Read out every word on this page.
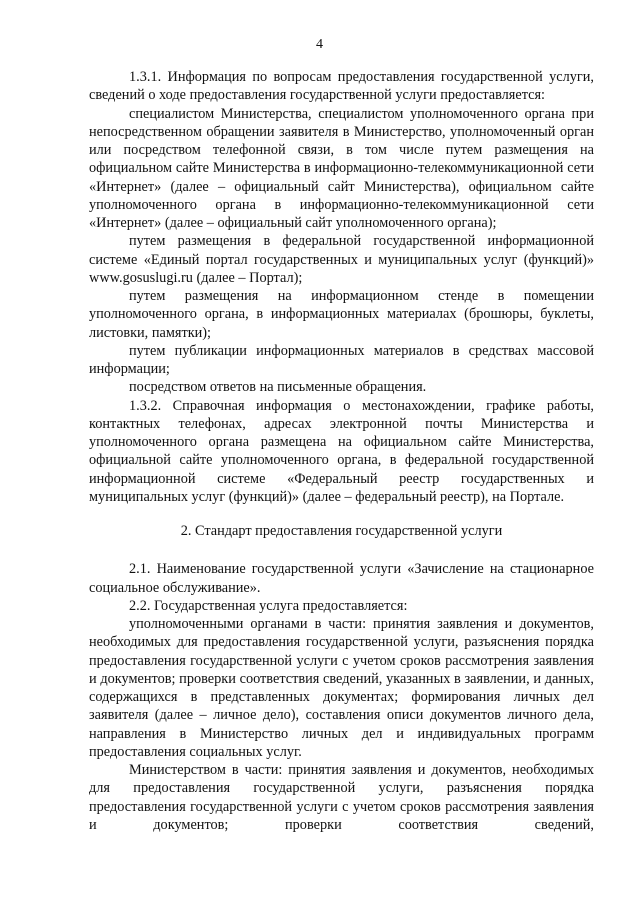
4

1.3.1. Информация по вопросам предоставления государственной услуги, сведений о ходе предоставления государственной услуги предоставляется:

специалистом Министерства, специалистом уполномоченного органа при непосредственном обращении заявителя в Министерство, уполномоченный орган или посредством телефонной связи, в том числе путем размещения на официальном сайте Министерства в информационно-телекоммуникационной сети «Интернет» (далее – официальный сайт Министерства), официальном сайте уполномоченного органа в информационно-телекоммуникационной сети «Интернет» (далее – официальный сайт уполномоченного органа);

путем размещения в федеральной государственной информационной системе «Единый портал государственных и муниципальных услуг (функций)» www.gosuslugi.ru (далее – Портал);

путем размещения на информационном стенде в помещении уполномоченного органа, в информационных материалах (брошюры, буклеты, листовки, памятки);

путем публикации информационных материалов в средствах массовой информации;

посредством ответов на письменные обращения.

1.3.2. Справочная информация о местонахождении, графике работы, контактных телефонах, адресах электронной почты Министерства и уполномоченного органа размещена на официальном сайте Министерства, официальной сайте уполномоченного органа, в федеральной государственной информационной системе «Федеральный реестр государственных и муниципальных услуг (функций)» (далее – федеральный реестр), на Портале.

2. Стандарт предоставления государственной услуги

2.1. Наименование государственной услуги «Зачисление на стационарное социальное обслуживание».

2.2. Государственная услуга предоставляется:

уполномоченными органами в части: принятия заявления и документов, необходимых для предоставления государственной услуги, разъяснения порядка предоставления государственной услуги с учетом сроков рассмотрения заявления и документов; проверки соответствия сведений, указанных в заявлении, и данных, содержащихся в представленных документах; формирования личных дел заявителя (далее – личное дело), составления описи документов личного дела, направления в Министерство личных дел и индивидуальных программ предоставления социальных услуг.

Министерством в части: принятия заявления и документов, необходимых для предоставления государственной услуги, разъяснения порядка предоставления государственной услуги с учетом сроков рассмотрения заявления и документов; проверки соответствия сведений,
